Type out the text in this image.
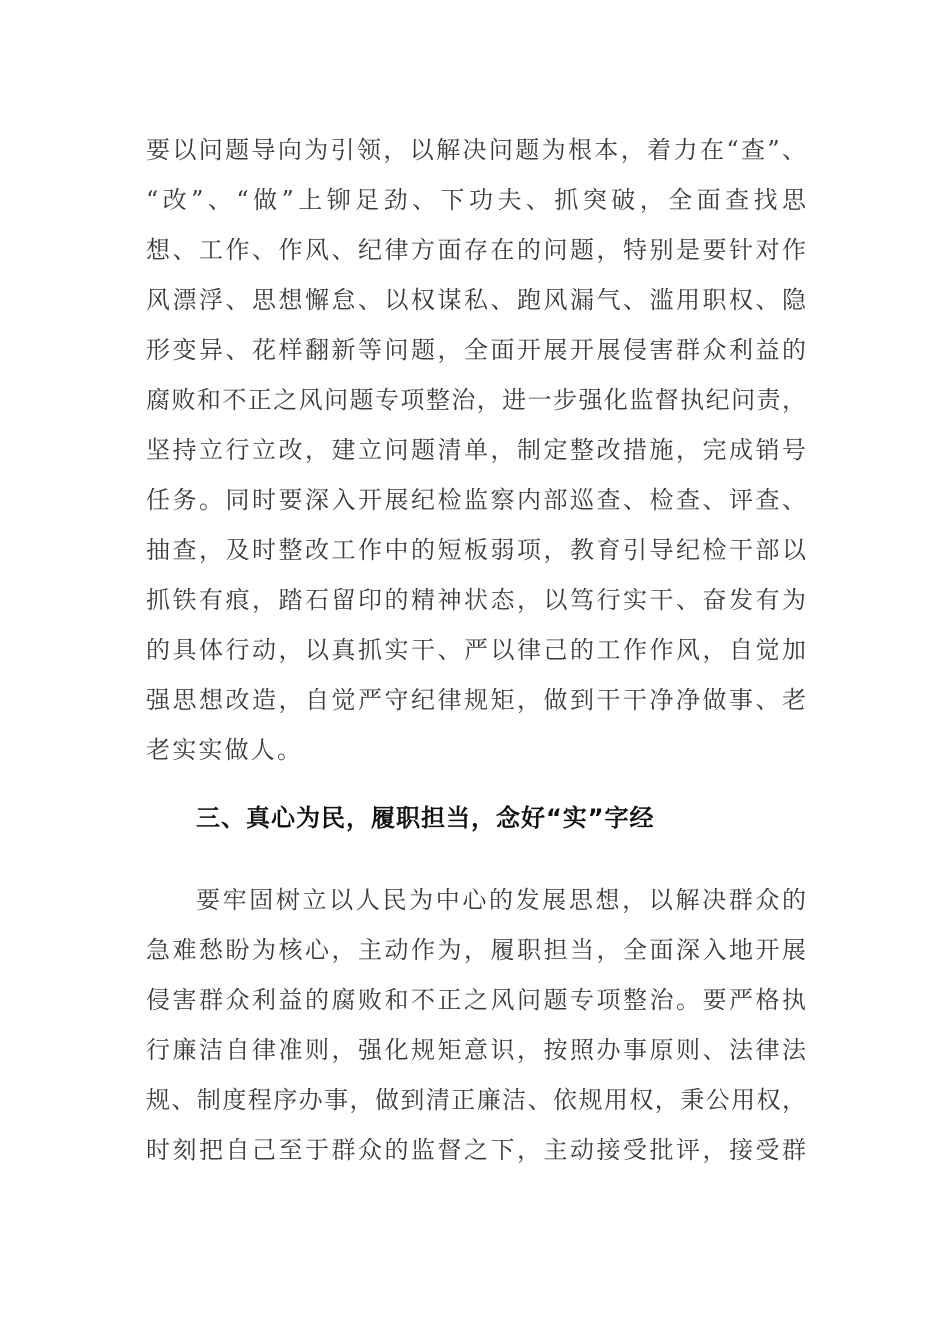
要以问题导向为引领，以解决问题为根本，着力在“查”、
“改”、“做”上铆足劲、下功夫、抓突破，全面查找思
想、工作、作风、纪律方面存在的问题，特别是要针对作
风漂浮、思想懈怠、以权谋私、跑风漏气、滥用职权、隐
形变异、花样翻新等问题，全面开展开展侵害群众利益的
腐败和不正之风问题专项整治，进一步强化监督执纪问责，
坚持立行立改，建立问题清单，制定整改措施，完成销号
任务。同时要深入开展纪检监察内部巡查、检查、评查、
抽查，及时整改工作中的短板弱项，教育引导纪检干部以
抓铁有痕，踏石留印的精神状态，以笃行实干、奋发有为
的具体行动，以真抓实干、严以律己的工作作风，自觉加
强思想改造，自觉严守纪律规矩，做到干干净净做事、老
老实实做人。
三、真心为民，履职担当，念好“实”字经
要牢固树立以人民为中心的发展思想，以解决群众的
急难愁盼为核心，主动作为，履职担当，全面深入地开展
侵害群众利益的腐败和不正之风问题专项整治。要严格执
行廉洁自律准则，强化规矩意识，按照办事原则、法律法
规、制度程序办事，做到清正廉洁、依规用权，秉公用权，
时刻把自己至于群众的监督之下，主动接受批评，接受群
